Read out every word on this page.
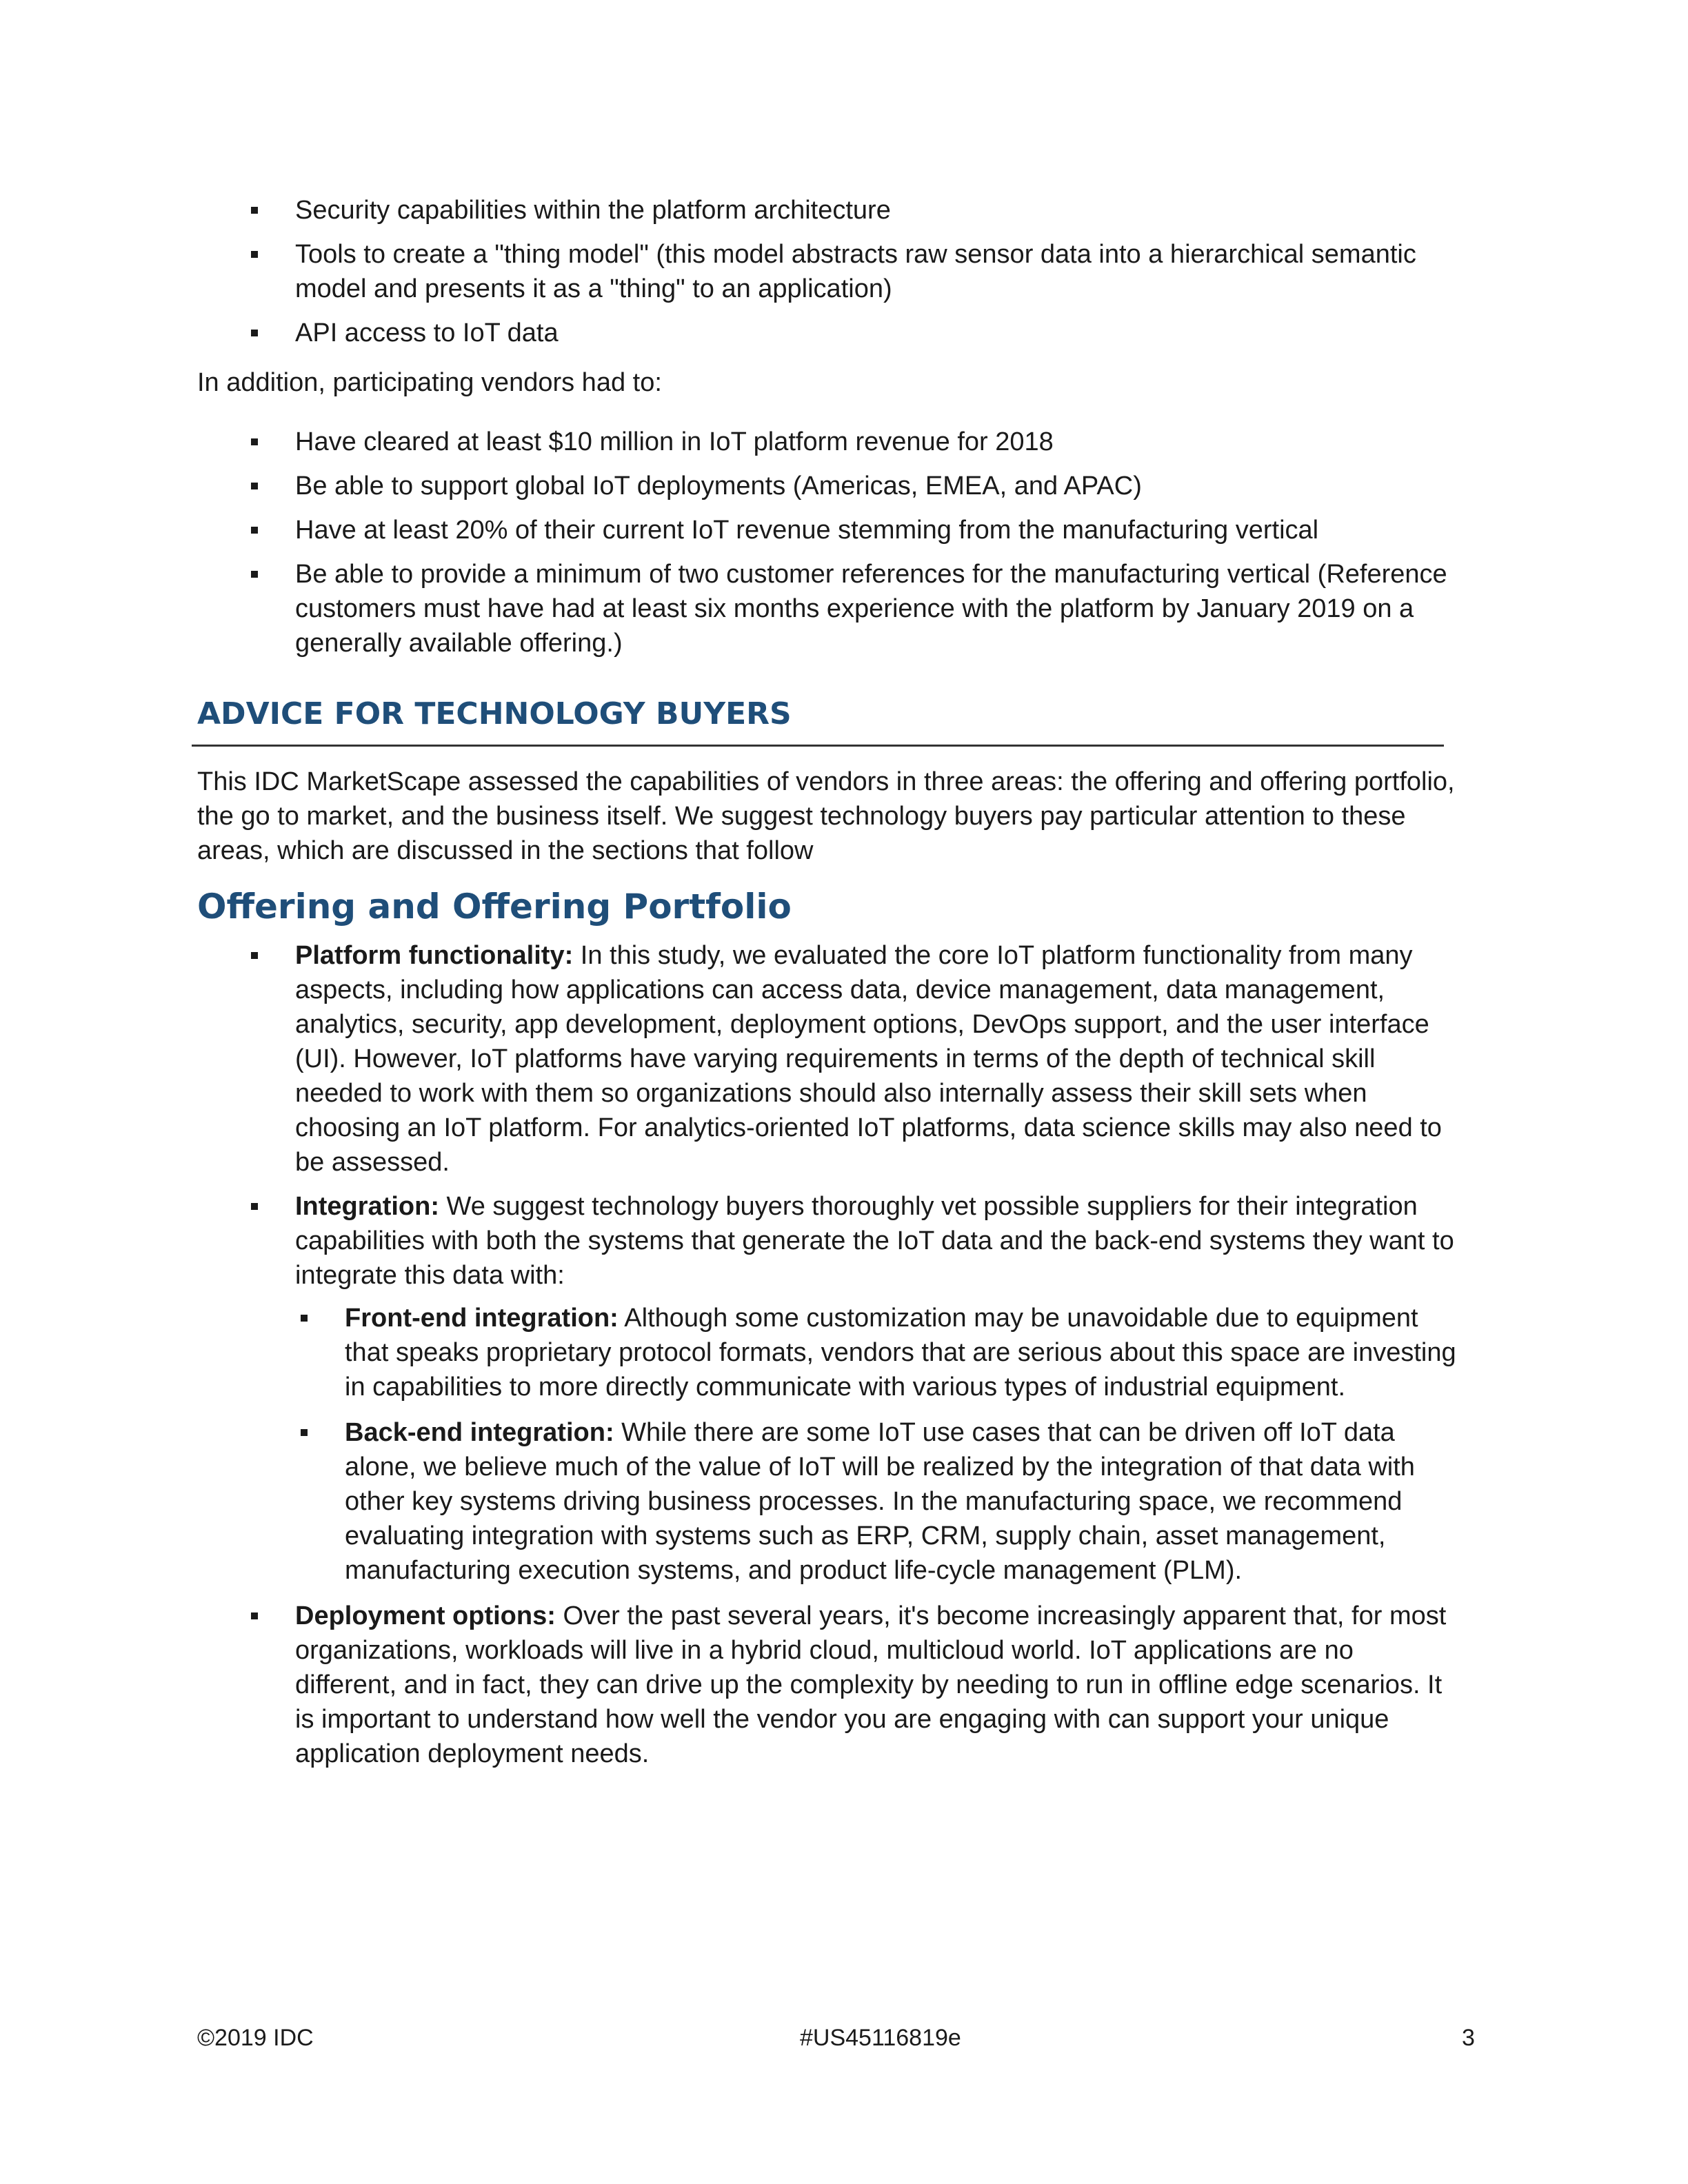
Security capabilities within the platform architecture
Tools to create a "thing model" (this model abstracts raw sensor data into a hierarchical semantic model and presents it as a "thing" to an application)
API access to IoT data

In addition, participating vendors had to:

Have cleared at least $10 million in IoT platform revenue for 2018
Be able to support global IoT deployments (Americas, EMEA, and APAC)
Have at least 20% of their current IoT revenue stemming from the manufacturing vertical
Be able to provide a minimum of two customer references for the manufacturing vertical (Reference customers must have had at least six months experience with the platform by January 2019 on a generally available offering.)
ADVICE FOR TECHNOLOGY BUYERS

This IDC MarketScape assessed the capabilities of vendors in three areas: the offering and offering portfolio, the go to market, and the business itself. We suggest technology buyers pay particular attention to these areas, which are discussed in the sections that follow

Offering and Offering Portfolio
Platform functionality: In this study, we evaluated the core IoT platform functionality from many aspects, including how applications can access data, device management, data management, analytics, security, app development, deployment options, DevOps support, and the user interface (UI). However, IoT platforms have varying requirements in terms of the depth of technical skill needed to work with them so organizations should also internally assess their skill sets when choosing an IoT platform. For analytics-oriented IoT platforms, data science skills may also need to be assessed.
Integration: We suggest technology buyers thoroughly vet possible suppliers for their integration capabilities with both the systems that generate the IoT data and the back-end systems they want to integrate this data with:
Front-end integration: Although some customization may be unavoidable due to equipment that speaks proprietary protocol formats, vendors that are serious about this space are investing in capabilities to more directly communicate with various types of industrial equipment.
Back-end integration: While there are some IoT use cases that can be driven off IoT data alone, we believe much of the value of IoT will be realized by the integration of that data with other key systems driving business processes. In the manufacturing space, we recommend evaluating integration with systems such as ERP, CRM, supply chain, asset management, manufacturing execution systems, and product life-cycle management (PLM).
Deployment options: Over the past several years, it's become increasingly apparent that, for most organizations, workloads will live in a hybrid cloud, multicloud world. IoT applications are no different, and in fact, they can drive up the complexity by needing to run in offline edge scenarios. It is important to understand how well the vendor you are engaging with can support your unique application deployment needs.
©2019 IDC	#US45116819e	3
